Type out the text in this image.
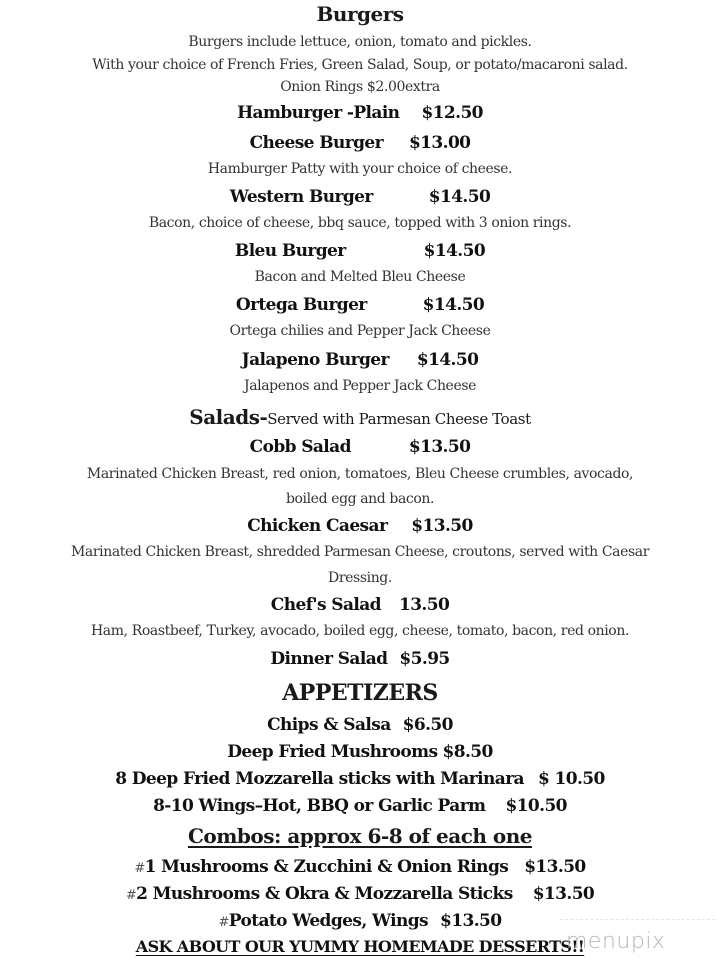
Burgers
Burgers include lettuce, onion, tomato and pickles.
With your choice of French Fries, Green Salad, Soup, or potato/macaroni salad.
Onion Rings $2.00extra
Hamburger -Plain $12.50
Cheese Burger $13.00
Hamburger Patty with your choice of cheese.
Western Burger	$14.50
Bacon, choice of cheese, bbq sauce, topped with 3 onion rings.
Bleu Burger	$14.50
Bacon and Melted Bleu Cheese
Ortega Burger	$14.50
Ortega chilies and Pepper Jack Cheese
Jalapeno Burger $14.50
Jalapenos and Pepper Jack Cheese
Salads-Served with Parmesan Cheese Toast
Cobb Salad	$13.50
Marinated Chicken Breast, red onion, tomatoes, Bleu Cheese crumbles, avocado,
boiled egg and bacon.
Chicken Caesar $13.50
Marinated Chicken Breast, shredded Parmesan Cheese, croutons, served with Caesar
Dressing.
Chef's Salad 13.50
Ham, Roastbeef, Turkey, avocado, boiled egg, cheese, tomato, bacon, red onion.
Dinner Salad $5.95
APPETIZERS
Chips & Salsa $6.50
Deep Fried Mushrooms $8.50
8 Deep Fried Mozzarella sticks with Marinara $ 10.50
8-10 Wings–Hot, BBQ or Garlic Parm $10.50
Combos: approx 6-8 of each one
#1 Mushrooms & Zucchini & Onion Rings $13.50
#2 Mushrooms & Okra & Mozzarella Sticks $13.50
#Potato Wedges, Wings $13.50
ASK ABOUT OUR YUMMY HOMEMADE DESSERTS!!
menupix
